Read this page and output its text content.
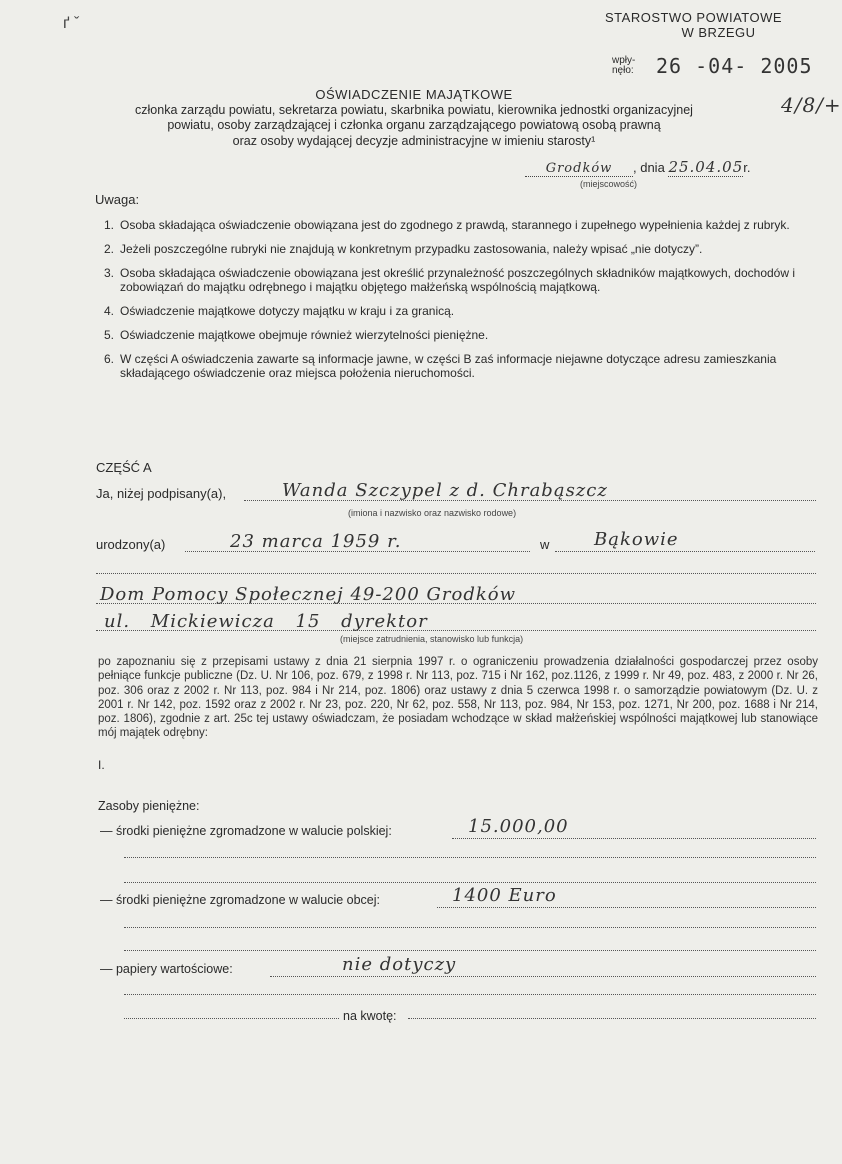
ґ ˇ	STAROSTWO POWIATOWE
W BRZEGU
wpły-
nęło: 26 -04- 2005
OŚWIADCZENIE MAJĄTKOWE
członka zarządu powiatu, sekretarza powiatu, skarbnika powiatu, kierownika jednostki organizacyjnej
powiatu, osoby zarządzającej i członka organu zarządzającego powiatową osobą prawną
oraz osoby wydającej decyzje administracyjne w imieniu starosty¹
4/8/+
Grodków , dnia 25.04.05r.
(miejscowość)
Uwaga:
1. Osoba składająca oświadczenie obowiązana jest do zgodnego z prawdą, starannego i zupełnego wypełnienia każdej z rubryk.
2. Jeżeli poszczególne rubryki nie znajdują w konkretnym przypadku zastosowania, należy wpisać „nie dotyczy”.
3. Osoba składająca oświadczenie obowiązana jest określić przynależność poszczególnych składników majątkowych, dochodów i zobowiązań do majątku odrębnego i majątku objętego małżeńską wspólnością majątkową.
4. Oświadczenie majątkowe dotyczy majątku w kraju i za granicą.
5. Oświadczenie majątkowe obejmuje również wierzytelności pieniężne.
6. W części A oświadczenia zawarte są informacje jawne, w części B zaś informacje niejawne dotyczące adresu zamieszkania składającego oświadczenie oraz miejsca położenia nieruchomości.
CZĘŚĆ A
Ja, niżej podpisany(a),	Wanda Szczypel z d. Chrabąszcz
(imiona i nazwisko oraz nazwisko rodowe)
urodzony(a)	23 marca 1959 r.	w Bąkowie
Dom Pomocy Społecznej 49-200 Grodków
ul. Mickiewicza 15 dyrektor
(miejsce zatrudnienia, stanowisko lub funkcja)
po zapoznaniu się z przepisami ustawy z dnia 21 sierpnia 1997 r. o ograniczeniu prowadzenia działalności gospodarczej przez osoby pełniące funkcje publiczne (Dz. U. Nr 106, poz. 679, z 1998 r. Nr 113, poz. 715 i Nr 162, poz.1126, z 1999 r. Nr 49, poz. 483, z 2000 r. Nr 26, poz. 306 oraz z 2002 r. Nr 113, poz. 984 i Nr 214, poz. 1806) oraz ustawy z dnia 5 czerwca 1998 r. o samorządzie powiatowym (Dz. U. z 2001 r. Nr 142, poz. 1592 oraz z 2002 r. Nr 23, poz. 220, Nr 62, poz. 558, Nr 113, poz. 984, Nr 153, poz. 1271, Nr 200, poz. 1688 i Nr 214, poz. 1806), zgodnie z art. 25c tej ustawy oświadczam, że posiadam wchodzące w skład małżeńskiej wspólności majątkowej lub stanowiące mój majątek odrębny:
I.
Zasoby pieniężne:
— środki pieniężne zgromadzone w walucie polskiej:	15.000,00
— środki pieniężne zgromadzone w walucie obcej:	1400 Euro
— papiery wartościowe:	nie dotyczy
na kwotę:
